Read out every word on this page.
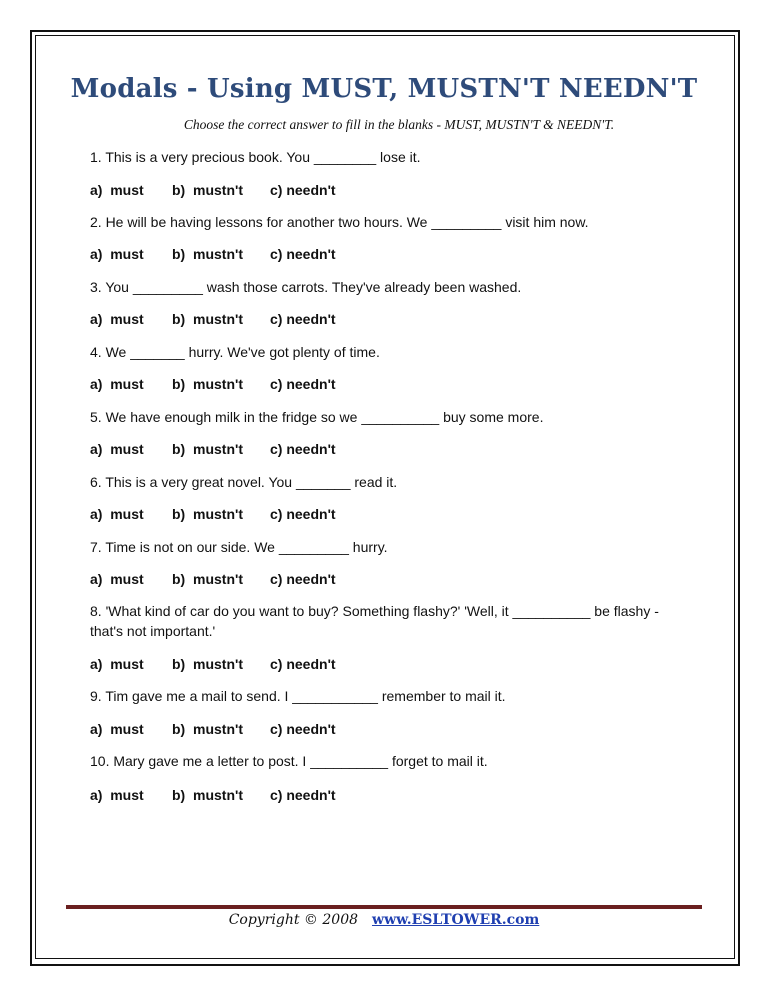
Modals - Using MUST, MUSTN'T NEEDN'T
Choose the correct answer to fill in the blanks - MUST, MUSTN'T & NEEDN'T.
1. This is a very precious book. You ________ lose it.
a)  must b)  mustn't c) needn't
2. He will be having lessons for another two hours. We _________ visit him now.
a)  must b)  mustn't c) needn't
3. You _________ wash those carrots. They've already been washed.
a)  must b)  mustn't c) needn't
4. We _______ hurry. We've got plenty of time.
a)  must b)  mustn't c) needn't
5. We have enough milk in the fridge so we __________ buy some more.
a)  must b)  mustn't c) needn't
6. This is a very great novel. You _______ read it.
a)  must b)  mustn't c) needn't
7. Time is not on our side. We _________ hurry.
a)  must b)  mustn't c) needn't
8. 'What kind of car do you want to buy? Something flashy?' 'Well, it __________ be flashy - that's not important.'
a)  must b)  mustn't c) needn't
9. Tim gave me a mail to send. I ___________ remember to mail it.
a)  must b)  mustn't c) needn't
10. Mary gave me a letter to post. I __________ forget to mail it.
a)  must b)  mustn't c) needn't
Copyright © 2008 www.ESLTOWER.com
